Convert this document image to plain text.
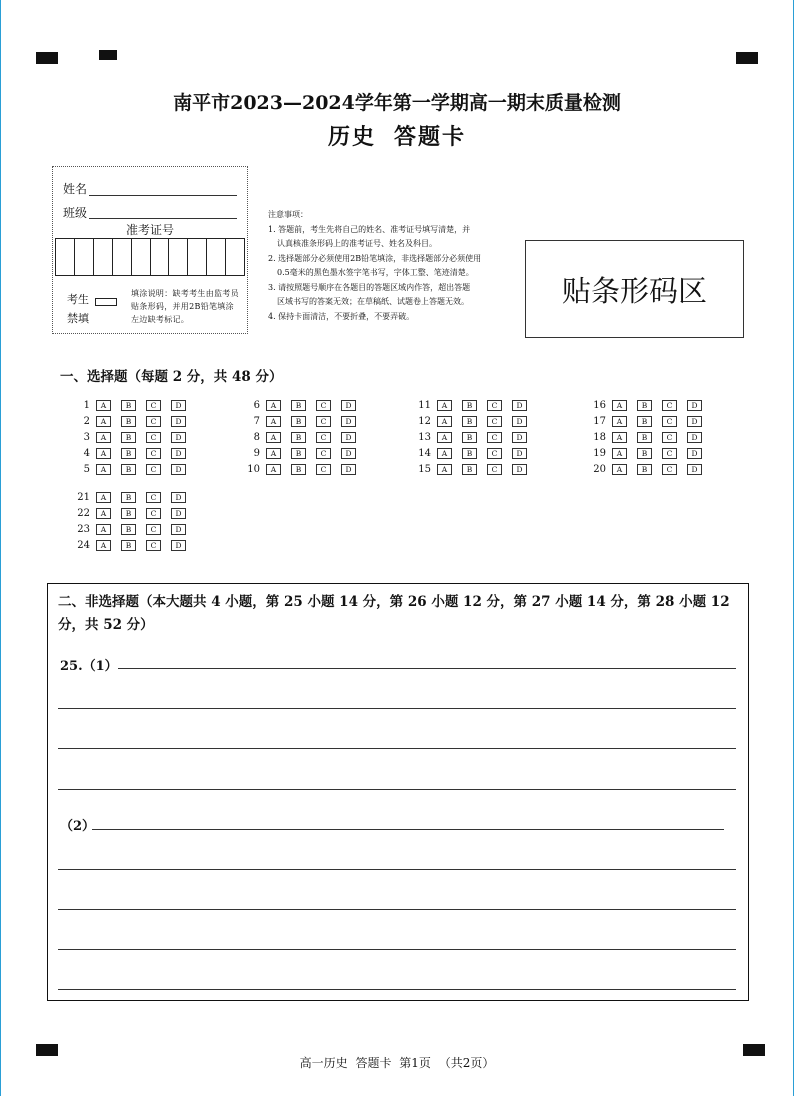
南平市2023—2024学年第一学期高一期末质量检测
历史 答题卡
姓名
班级
准考证号
考生
禁填
填涂说明：缺考考生由监考员贴条形码，并用2B铅笔填涂左边缺考标记。

注意事项：

1. 答题前，考生先将自己的姓名、准考证号填写清楚，并

认真核准条形码上的准考证号、姓名及科目。

2. 选择题部分必须使用2B铅笔填涂，非选择题部分必须使用

0.5毫米的黑色墨水签字笔书写，字体工整、笔迹清楚。

3. 请按照题号顺序在各题目的答题区域内作答，超出答题

区域书写的答案无效；在草稿纸、试题卷上答题无效。

4. 保持卡面清洁，不要折叠，不要弄破。

贴条形码区
一、选择题（每题 2 分，共 48 分）
1	A	B	C	D
2	A	B	C	D
3	A	B	C	D
4	A	B	C	D
5	A	B	C	D
6	A	B	C	D
7	A	B	C	D
8	A	B	C	D
9	A	B	C	D
10	A	B	C	D
11	A	B	C	D
12	A	B	C	D
13	A	B	C	D
14	A	B	C	D
15	A	B	C	D
16	A	B	C	D
17	A	B	C	D
18	A	B	C	D
19	A	B	C	D
20	A	B	C	D
21	A	B	C	D
22	A	B	C	D
23	A	B	C	D
24	A	B	C	D
二、非选择题（本大题共 4 小题，第 25 小题 14 分，第 26 小题 12 分，第 27 小题 14 分，第 28 小题 12 分，共 52 分）
25.（1）
（2）
高一历史 答题卡 第1页 （共2页）
